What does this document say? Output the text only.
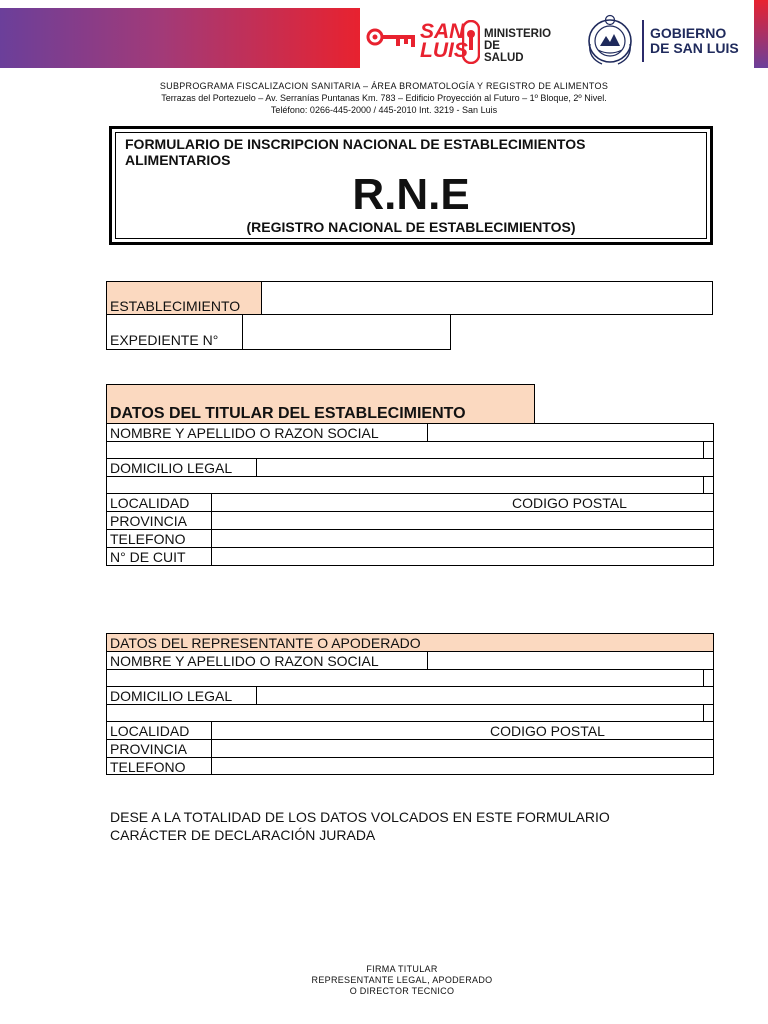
SAN LUIS
MINISTERIO
DE
SALUD
GOBIERNO
DE SAN LUIS
SUBPROGRAMA FISCALIZACION SANITARIA – ÁREA BROMATOLOGÍA Y REGISTRO DE ALIMENTOS
Terrazas del Portezuelo – Av. Serranías Puntanas Km. 783 – Edificio Proyección al Futuro – 1º Bloque, 2º Nivel.
Teléfono: 0266-445-2000 / 445-2010 Int. 3219 - San Luis
FORMULARIO DE INSCRIPCION NACIONAL DE ESTABLECIMIENTOS ALIMENTARIOS
R.N.E
(REGISTRO NACIONAL DE ESTABLECIMIENTOS)
ESTABLECIMIENTO
EXPEDIENTE N°
DATOS DEL TITULAR DEL ESTABLECIMIENTO
NOMBRE Y APELLIDO O RAZON SOCIAL
DOMICILIO LEGAL
LOCALIDAD	CODIGO POSTAL
PROVINCIA
TELEFONO
N° DE CUIT
DATOS DEL REPRESENTANTE O APODERADO
NOMBRE Y APELLIDO O RAZON SOCIAL
DOMICILIO LEGAL
LOCALIDAD	CODIGO POSTAL
PROVINCIA
TELEFONO
DESE A LA TOTALIDAD DE LOS DATOS VOLCADOS EN ESTE FORMULARIO
CARÁCTER DE DECLARACIÓN JURADA
FIRMA TITULAR
REPRESENTANTE LEGAL, APODERADO
O DIRECTOR TECNICO
